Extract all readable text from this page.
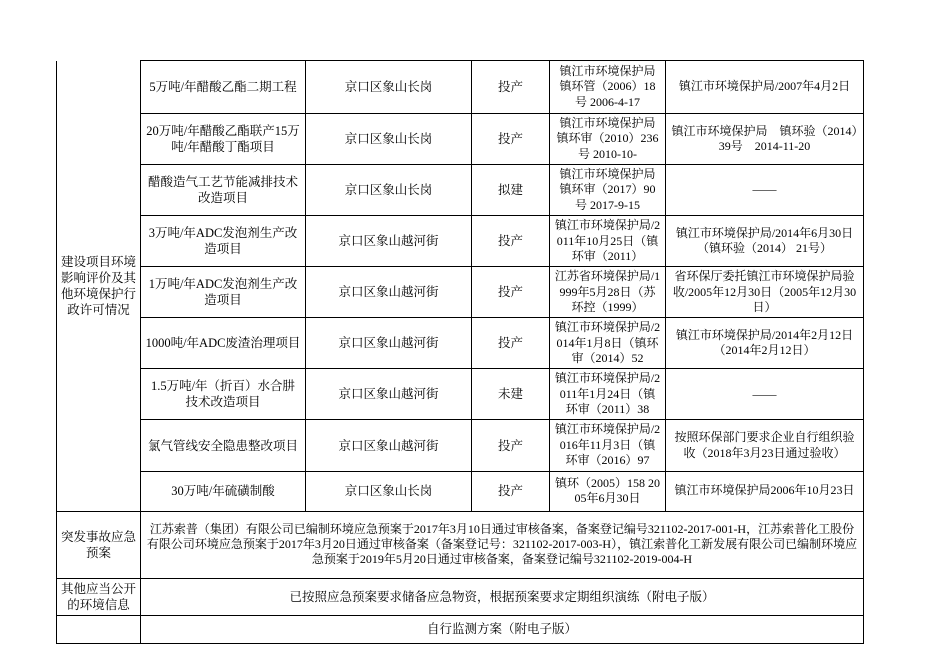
建设项目环境影响评价及其他环境保护行政许可情况	5万吨/年醋酸乙酯二期工程	京口区象山长岗	投产	镇江市环境保护局 镇环管（2006）18号 2006-4-17	镇江市环境保护局/2007年4月2日
	20万吨/年醋酸乙酯联产15万吨/年醋酸丁酯项目	京口区象山长岗	投产	镇江市环境保护局 镇环审（2010）236号 2010-10-	镇江市环境保护局　镇环验（2014）39号　2014-11-20
	醋酸造气工艺节能减排技术改造项目	京口区象山长岗	拟建	镇江市环境保护局 镇环审（2017）90号 2017-9-15	——
	3万吨/年ADC发泡剂生产改造项目	京口区象山越河街	投产	镇江市环境保护局/2011年10月25日（镇环审（2011）	镇江市环境保护局/2014年6月30日（镇环验（2014） 21号）
	1万吨/年ADC发泡剂生产改造项目	京口区象山越河街	投产	江苏省环境保护局/1999年5月28日（苏环控（1999）	省环保厅委托镇江市环境保护局验收/2005年12月30日（2005年12月30日）
	1000吨/年ADC废渣治理项目	京口区象山越河街	投产	镇江市环境保护局/2014年1月8日（镇环审（2014）52	镇江市环境保护局/2014年2月12日（2014年2月12日）
	1.5万吨/年（折百）水合肼技术改造项目	京口区象山越河街	未建	镇江市环境保护局/2011年1月24日（镇环审（2011）38	——
	氯气管线安全隐患整改项目	京口区象山越河街	投产	镇江市环境保护局/2016年11月3日（镇环审（2016）97	按照环保部门要求企业自行组织验收（2018年3月23日通过验收）
	30万吨/年硫磺制酸	京口区象山长岗	投产	镇环（2005）158 2005年6月30日	镇江市环境保护局2006年10月23日
突发事故应急预案	江苏索普（集团）有限公司已编制环境应急预案于2017年3月10日通过审核备案，备案登记编号321102-2017-001-H，江苏索普化工股份有限公司环境应急预案于2017年3月20日通过审核备案（备案登记号：321102-2017-003-H），镇江索普化工新发展有限公司已编制环境应急预案于2019年5月20日通过审核备案，备案登记编号321102-2019-004-H				
其他应当公开的环境信息	已按照应急预案要求储备应急物资，根据预案要求定期组织演练（附电子版）				
	自行监测方案（附电子版）				
